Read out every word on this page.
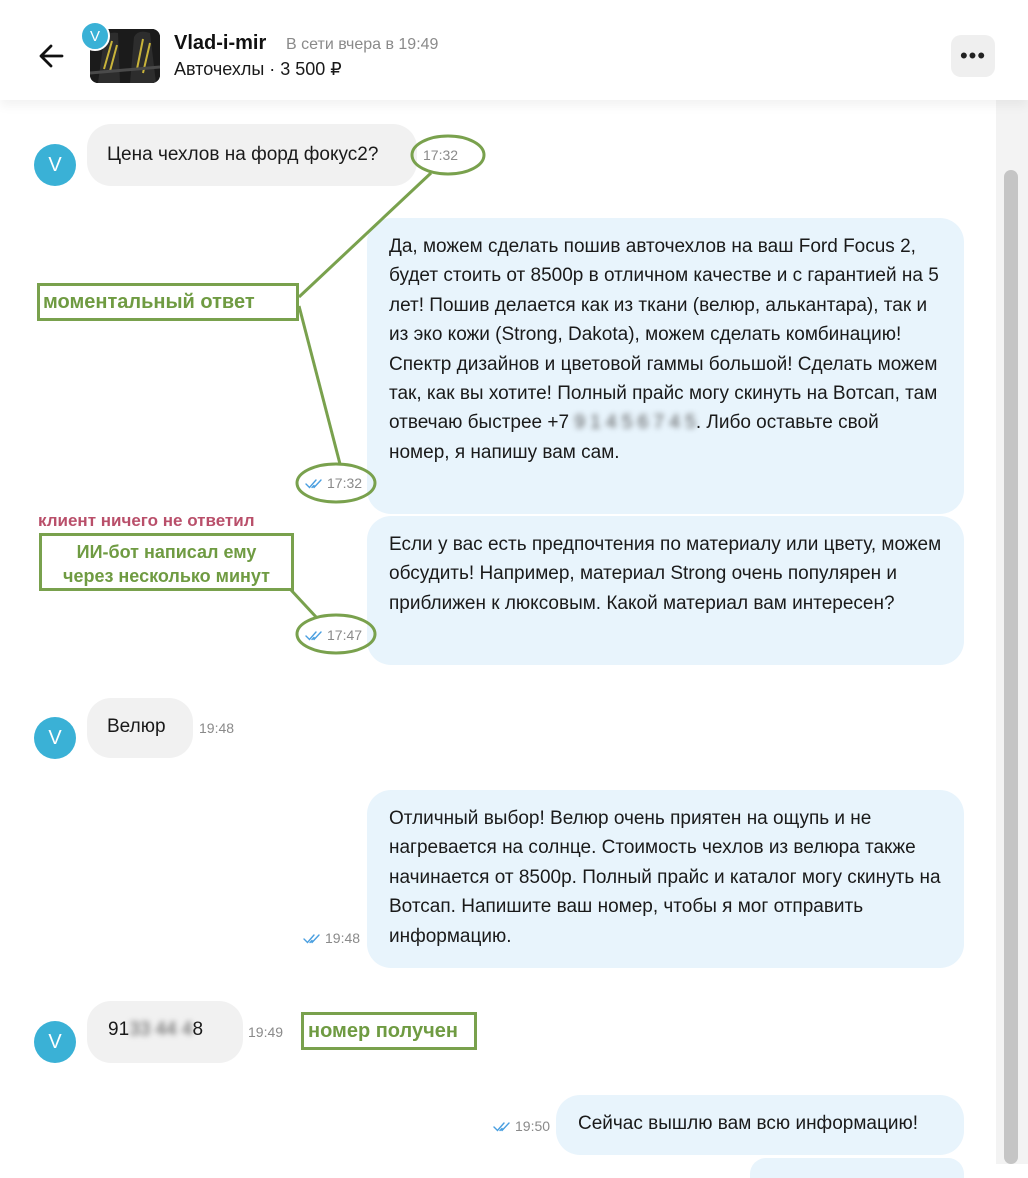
V	Vlad-i-mir В сети вчера в 19:49
Авточехлы · 3 500 ₽
•••
V	Цена чехлов на форд фокус2?	17:32
Да, можем сделать пошив авточехлов на ваш Ford Focus 2, будет стоить от 8500р в отличном качестве и с гарантией на 5 лет! Пошив делается как из ткани (велюр, алькантара), так и из эко кожи (Strong, Dakota), можем сделать комбинацию! Спектр дизайнов и цветовой гаммы большой! Сделать можем так, как вы хотите! Полный прайс могу скинуть на Вотсап, там отвечаю быстрее +7 9 1 4 5 6 7 4 5. Либо оставьте свой номер, я напишу вам сам.
17:32
Если у вас есть предпочтения по материалу или цвету, можем обсудить! Например, материал Strong очень популярен и приближен к люксовым. Какой материал вам интересен?
17:47
V	Велюр	19:48
Отличный выбор! Велюр очень приятен на ощупь и не нагревается на солнце. Стоимость чехлов из велюра также начинается от 8500р. Полный прайс и каталог могу скинуть на Вотсап. Напишите ваш номер, чтобы я мог отправить информацию.
19:48
V
9133 44 48	19:49
Сейчас вышлю вам всю информацию!
19:50
моментальный ответ
клиент ничего не ответил
ИИ-бот написал ему
через несколько минут
номер получен
